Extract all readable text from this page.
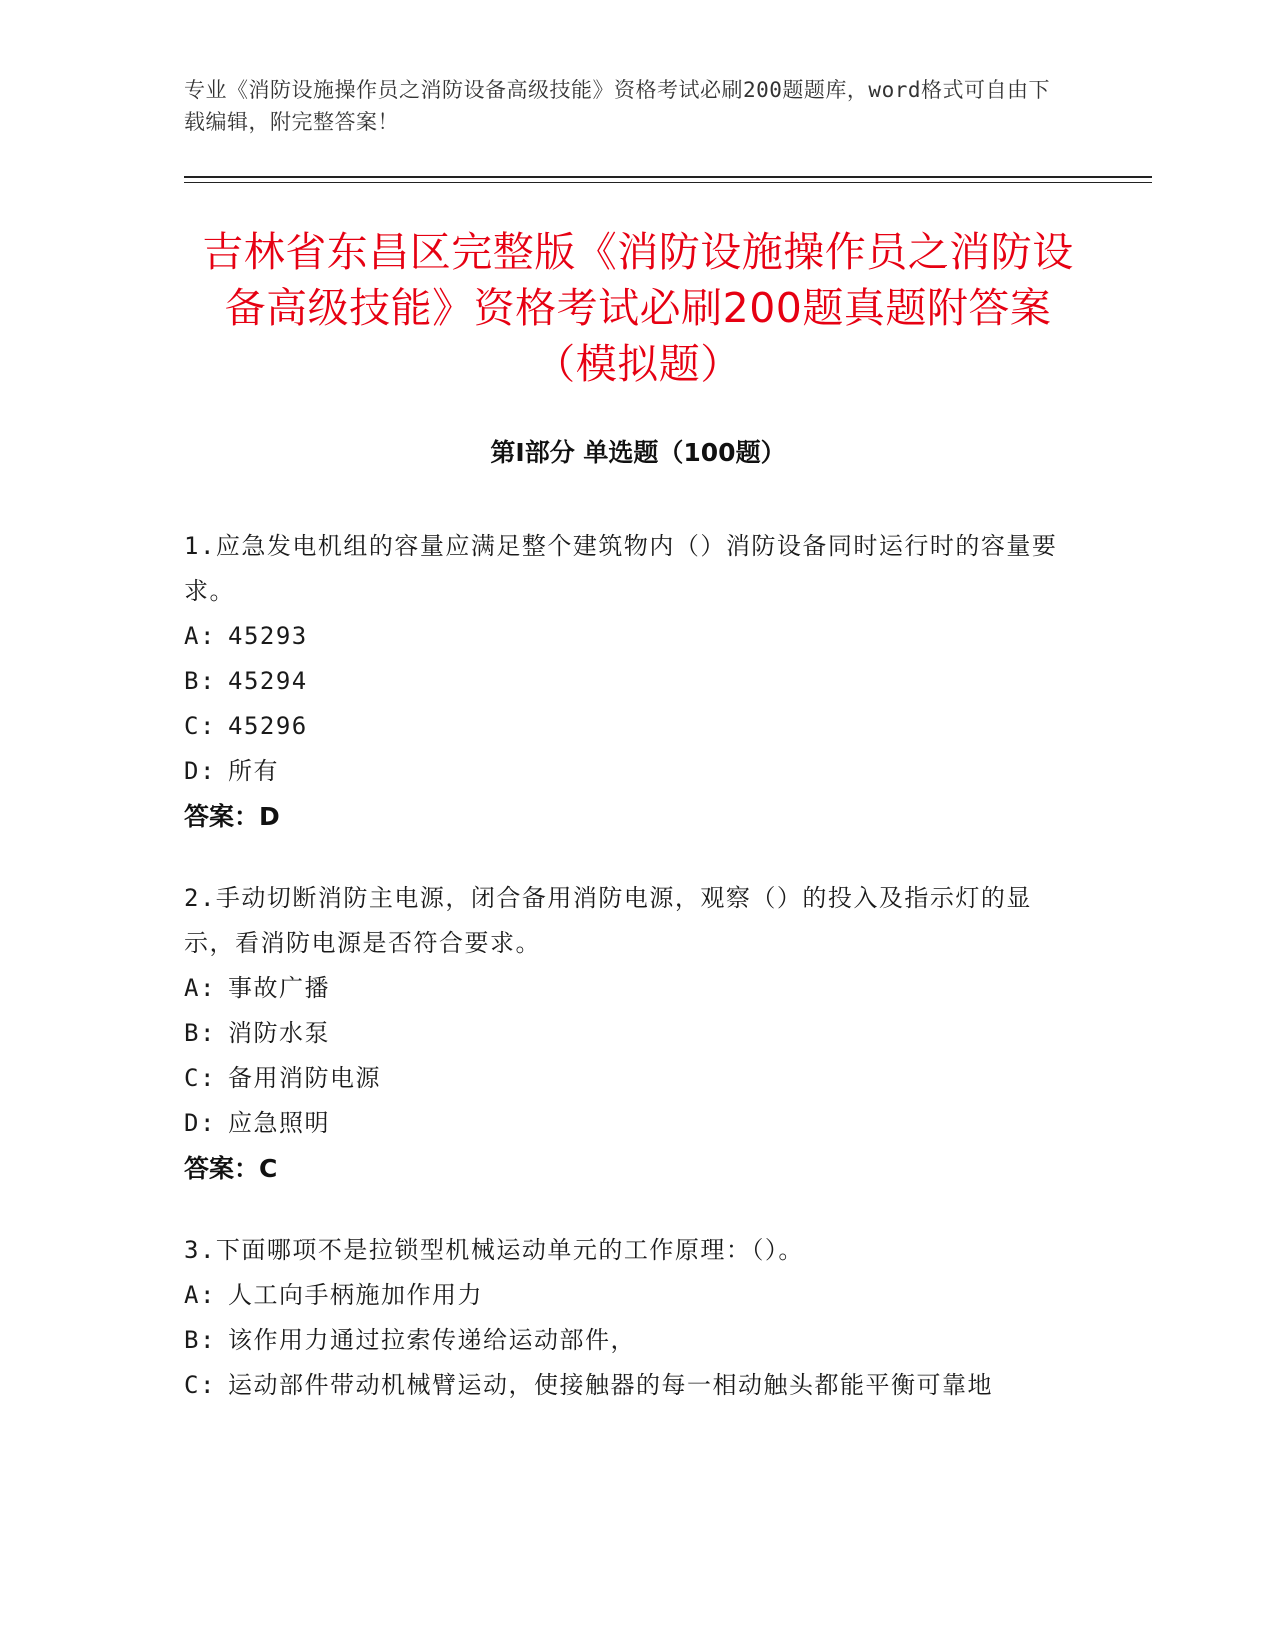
专业《消防设施操作员之消防设备高级技能》资格考试必刷200题题库，word格式可自由下载编辑，附完整答案！
吉林省东昌区完整版《消防设施操作员之消防设备高级技能》资格考试必刷200题真题附答案（模拟题）
第Ⅰ部分 单选题（100题）
1.应急发电机组的容量应满足整个建筑物内（）消防设备同时运行时的容量要求。
A: 45293
B: 45294
C: 45296
D: 所有
答案：D
2.手动切断消防主电源，闭合备用消防电源，观察（）的投入及指示灯的显示，看消防电源是否符合要求。
A: 事故广播
B: 消防水泵
C: 备用消防电源
D: 应急照明
答案：C
3.下面哪项不是拉锁型机械运动单元的工作原理：（）。
A: 人工向手柄施加作用力
B: 该作用力通过拉索传递给运动部件，
C: 运动部件带动机械臂运动，使接触器的每一相动触头都能平衡可靠地
